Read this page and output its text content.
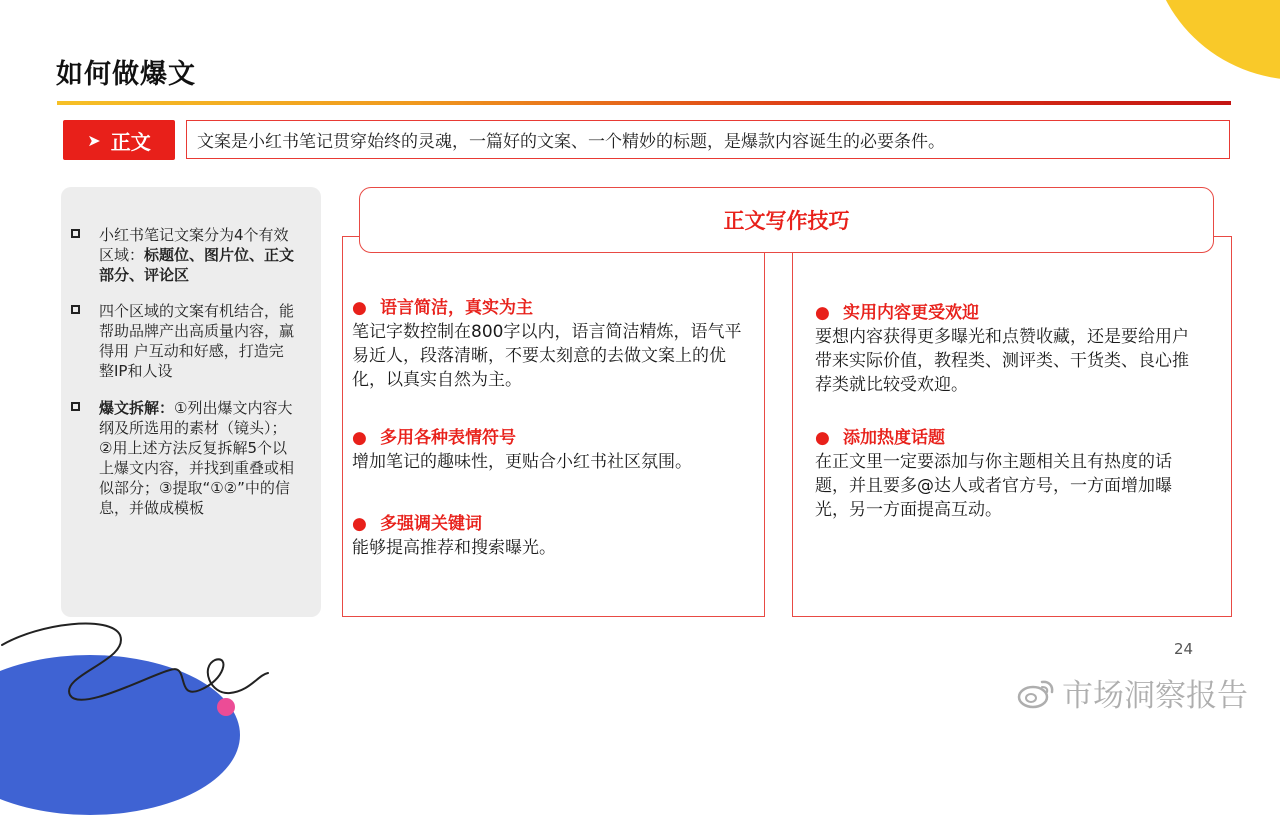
如何做爆文
➤ 正文	文案是小红书笔记贯穿始终的灵魂，一篇好的文案、一个精妙的标题，是爆款内容诞生的必要条件。
小红书笔记文案分为4个有效区域：标题位、图片位、正文部分、评论区
四个区域的文案有机结合，能帮助品牌产出高质量内容，赢得用 户互动和好感，打造完整IP和人设
爆文拆解：①列出爆文内容大纲及所选用的素材（镜头）；②用上述方法反复拆解5个以上爆文内容，并找到重叠或相似部分；③提取“①②”中的信息，并做成模板
正文写作技巧
● 语言简洁，真实为主
笔记字数控制在800字以内，语言简洁精炼，语气平易近人，段落清晰，不要太刻意的去做文案上的优化，以真实自然为主。
● 多用各种表情符号
增加笔记的趣味性，更贴合小红书社区氛围。
● 多强调关键词
能够提高推荐和搜索曝光。
● 实用内容更受欢迎
要想内容获得更多曝光和点赞收藏，还是要给用户带来实际价值，教程类、测评类、干货类、良心推荐类就比较受欢迎。
● 添加热度话题
在正文里一定要添加与你主题相关且有热度的话题，并且要多@达人或者官方号，一方面增加曝光，另一方面提高互动。
24
市场洞察报告
